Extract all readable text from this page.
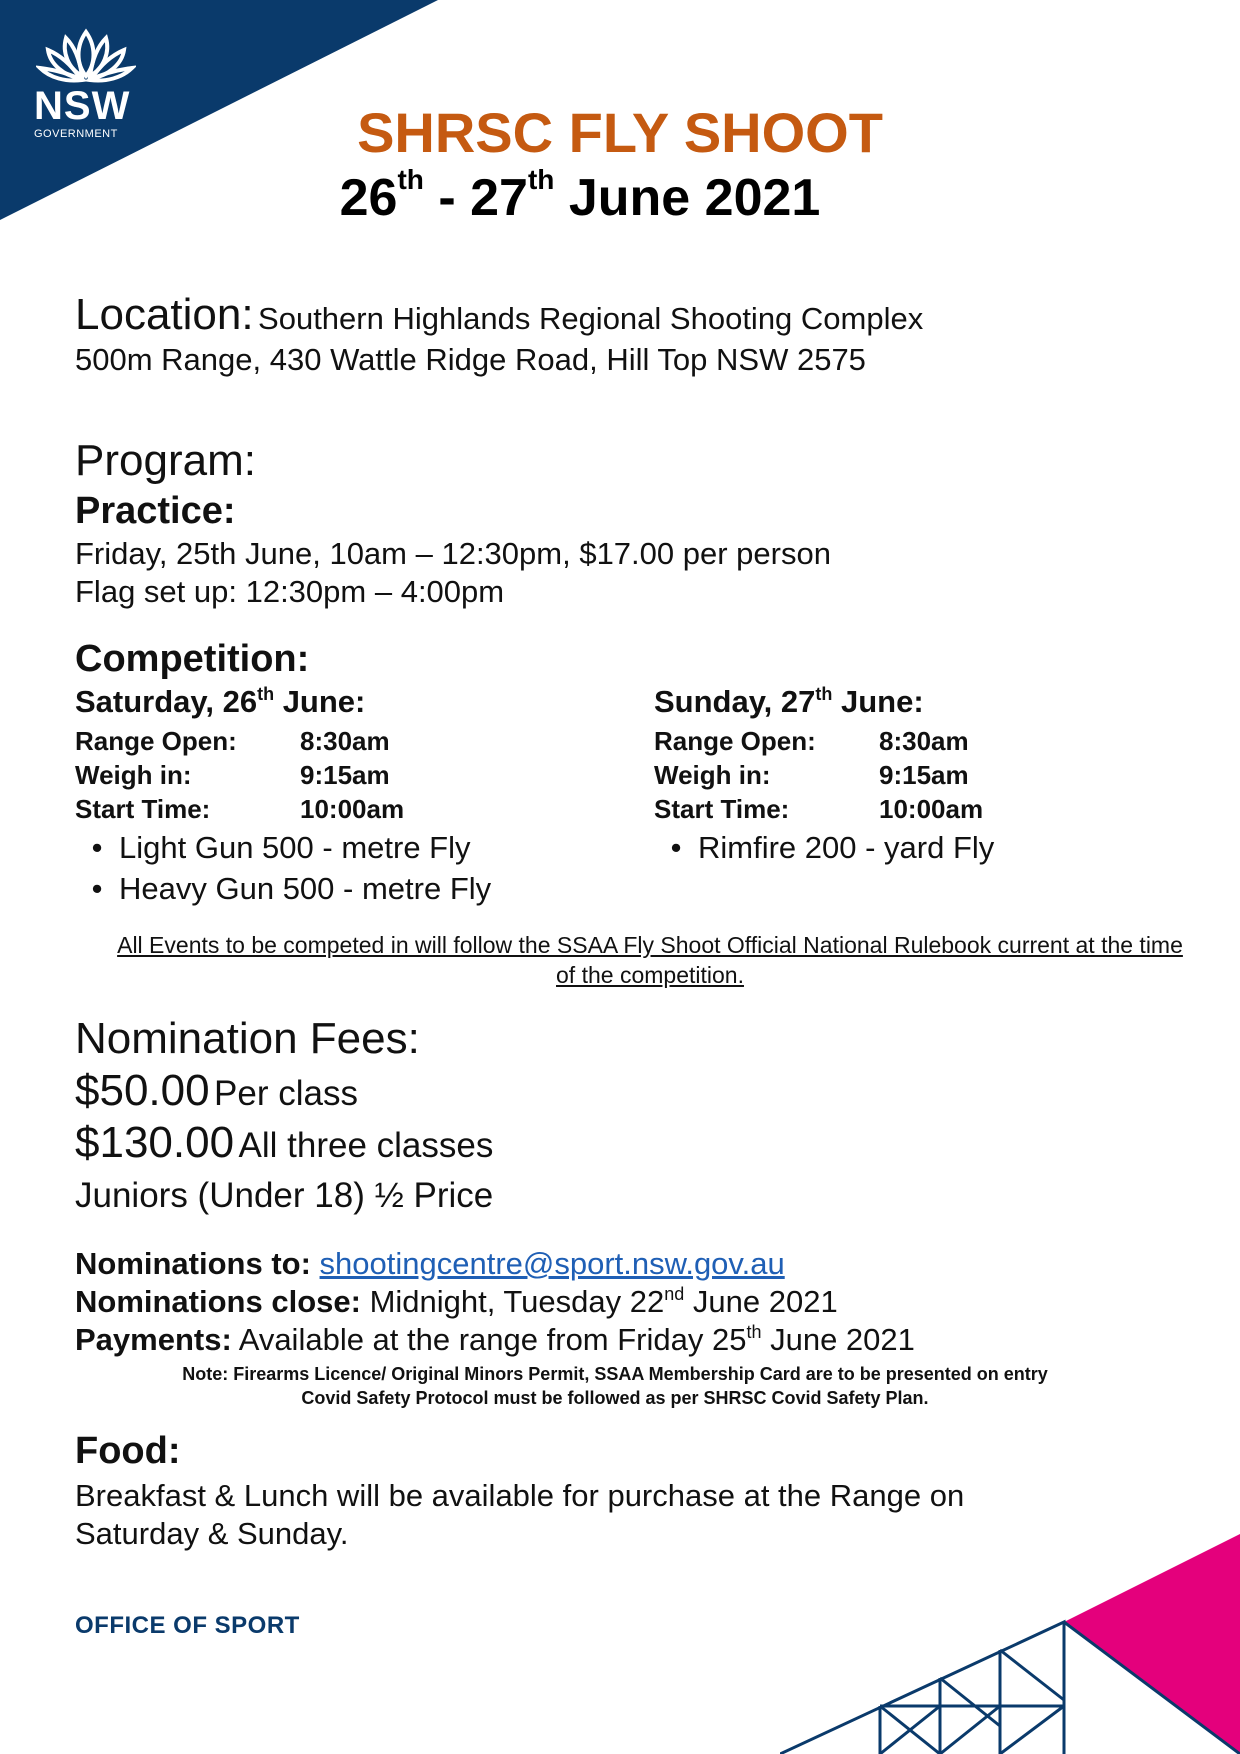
NSW
GOVERNMENT	SHRSC FLY SHOOT
26th - 27th June 2021
Location: Southern Highlands Regional Shooting Complex
500m Range, 430 Wattle Ridge Road, Hill Top NSW 2575
Program:
Practice:
Friday, 25th June, 10am – 12:30pm, $17.00 per person
Flag set up: 12:30pm – 4:00pm
Competition:
Saturday, 26th June:
Range Open:	8:30am
Weigh in:	9:15am
Start Time:	10:00am
• Light Gun 500 - metre Fly
• Heavy Gun 500 - metre Fly
Sunday, 27th June:
Range Open:	8:30am
Weigh in:	9:15am
Start Time:	10:00am
• Rimfire 200 - yard Fly
All Events to be competed in will follow the SSAA Fly Shoot Official National Rulebook current at the time of the competition.
Nomination Fees:
$50.00 Per class
$130.00 All three classes
Juniors (Under 18) ½ Price
Nominations to: shootingcentre@sport.nsw.gov.au
Nominations close: Midnight, Tuesday 22nd June 2021
Payments: Available at the range from Friday 25th June 2021
Note: Firearms Licence/ Original Minors Permit, SSAA Membership Card are to be presented on entry
Covid Safety Protocol must be followed as per SHRSC Covid Safety Plan.
Food:
Breakfast & Lunch will be available for purchase at the Range on
Saturday & Sunday.
OFFICE OF SPORT
